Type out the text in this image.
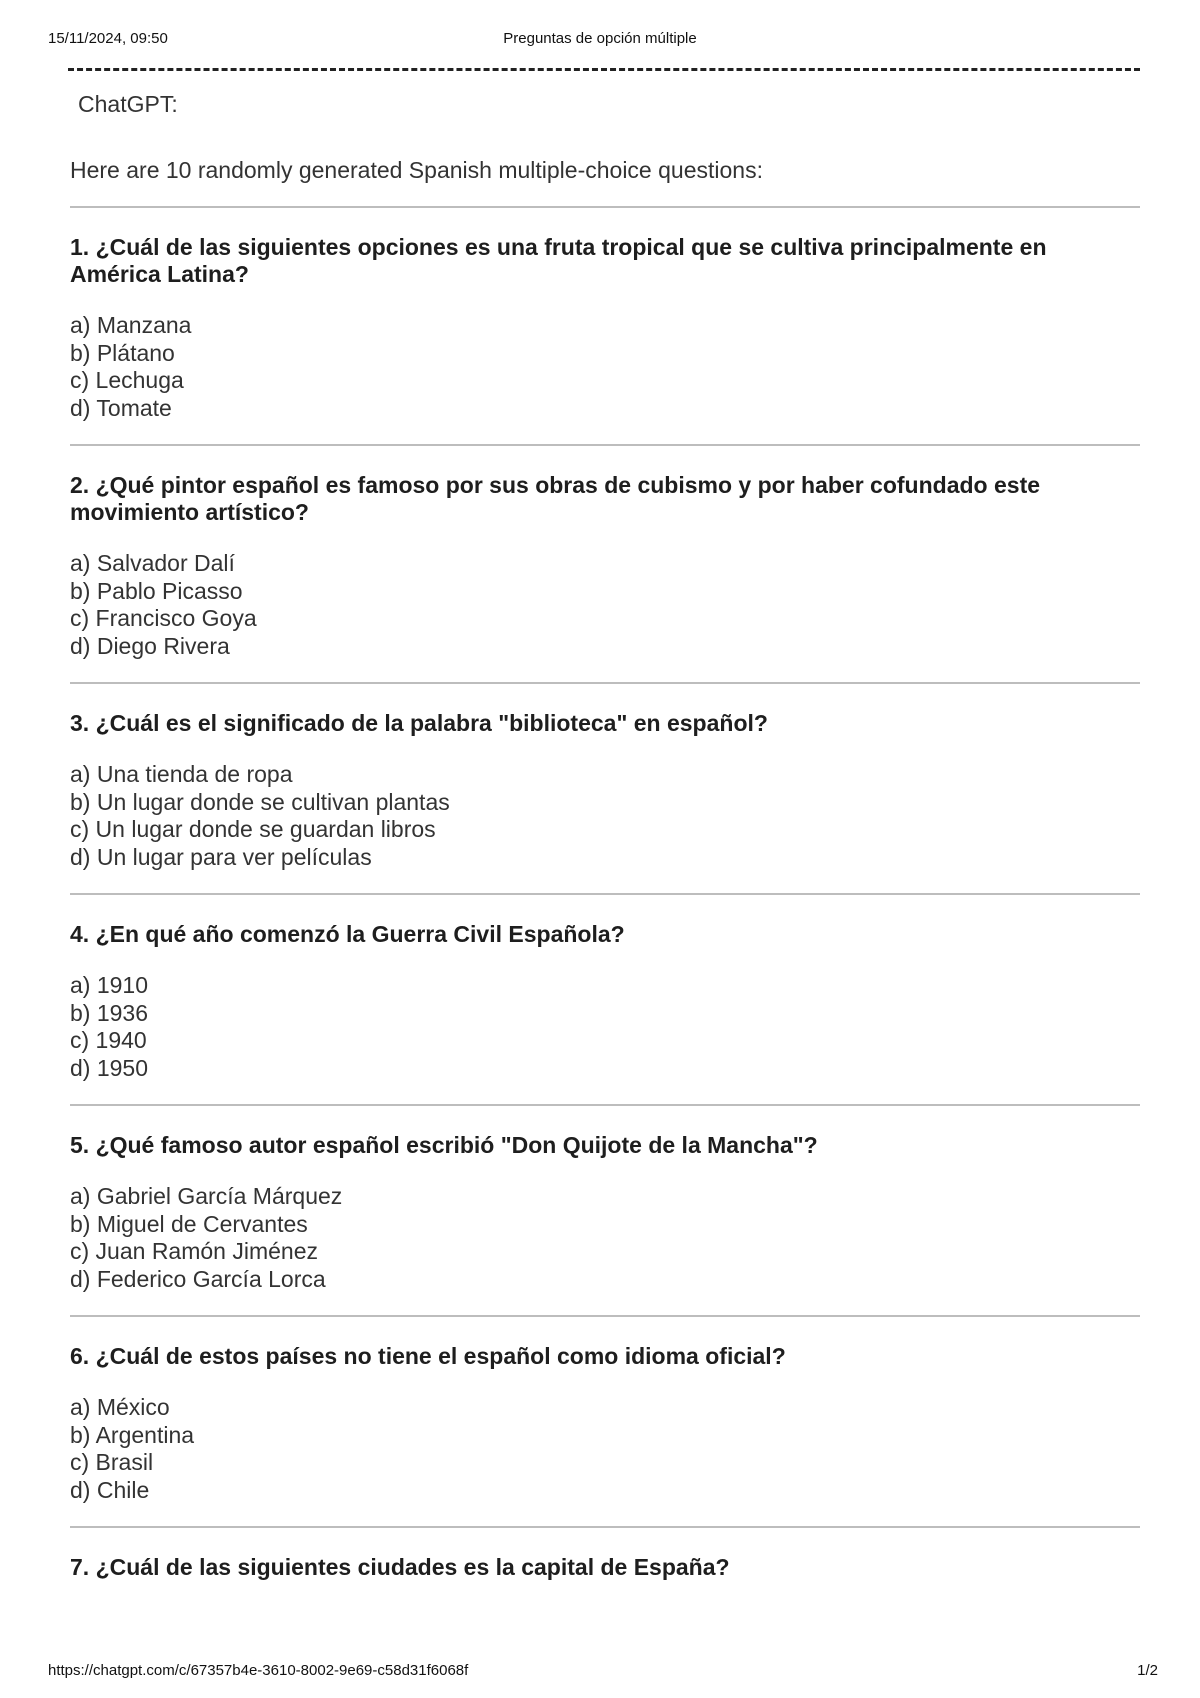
15/11/2024, 09:50	Preguntas de opción múltiple

ChatGPT:

Here are 10 randomly generated Spanish multiple-choice questions:

1. ¿Cuál de las siguientes opciones es una fruta tropical que se cultiva principalmente en América Latina?

a) Manzana
b) Plátano
c) Lechuga
d) Tomate

2. ¿Qué pintor español es famoso por sus obras de cubismo y por haber cofundado este movimiento artístico?

a) Salvador Dalí
b) Pablo Picasso
c) Francisco Goya
d) Diego Rivera

3. ¿Cuál es el significado de la palabra "biblioteca" en español?

a) Una tienda de ropa
b) Un lugar donde se cultivan plantas
c) Un lugar donde se guardan libros
d) Un lugar para ver películas

4. ¿En qué año comenzó la Guerra Civil Española?

a) 1910
b) 1936
c) 1940
d) 1950

5. ¿Qué famoso autor español escribió "Don Quijote de la Mancha"?

a) Gabriel García Márquez
b) Miguel de Cervantes
c) Juan Ramón Jiménez
d) Federico García Lorca

6. ¿Cuál de estos países no tiene el español como idioma oficial?

a) México
b) Argentina
c) Brasil
d) Chile

7. ¿Cuál de las siguientes ciudades es la capital de España?

https://chatgpt.com/c/67357b4e-3610-8002-9e69-c58d31f6068f	1/2
